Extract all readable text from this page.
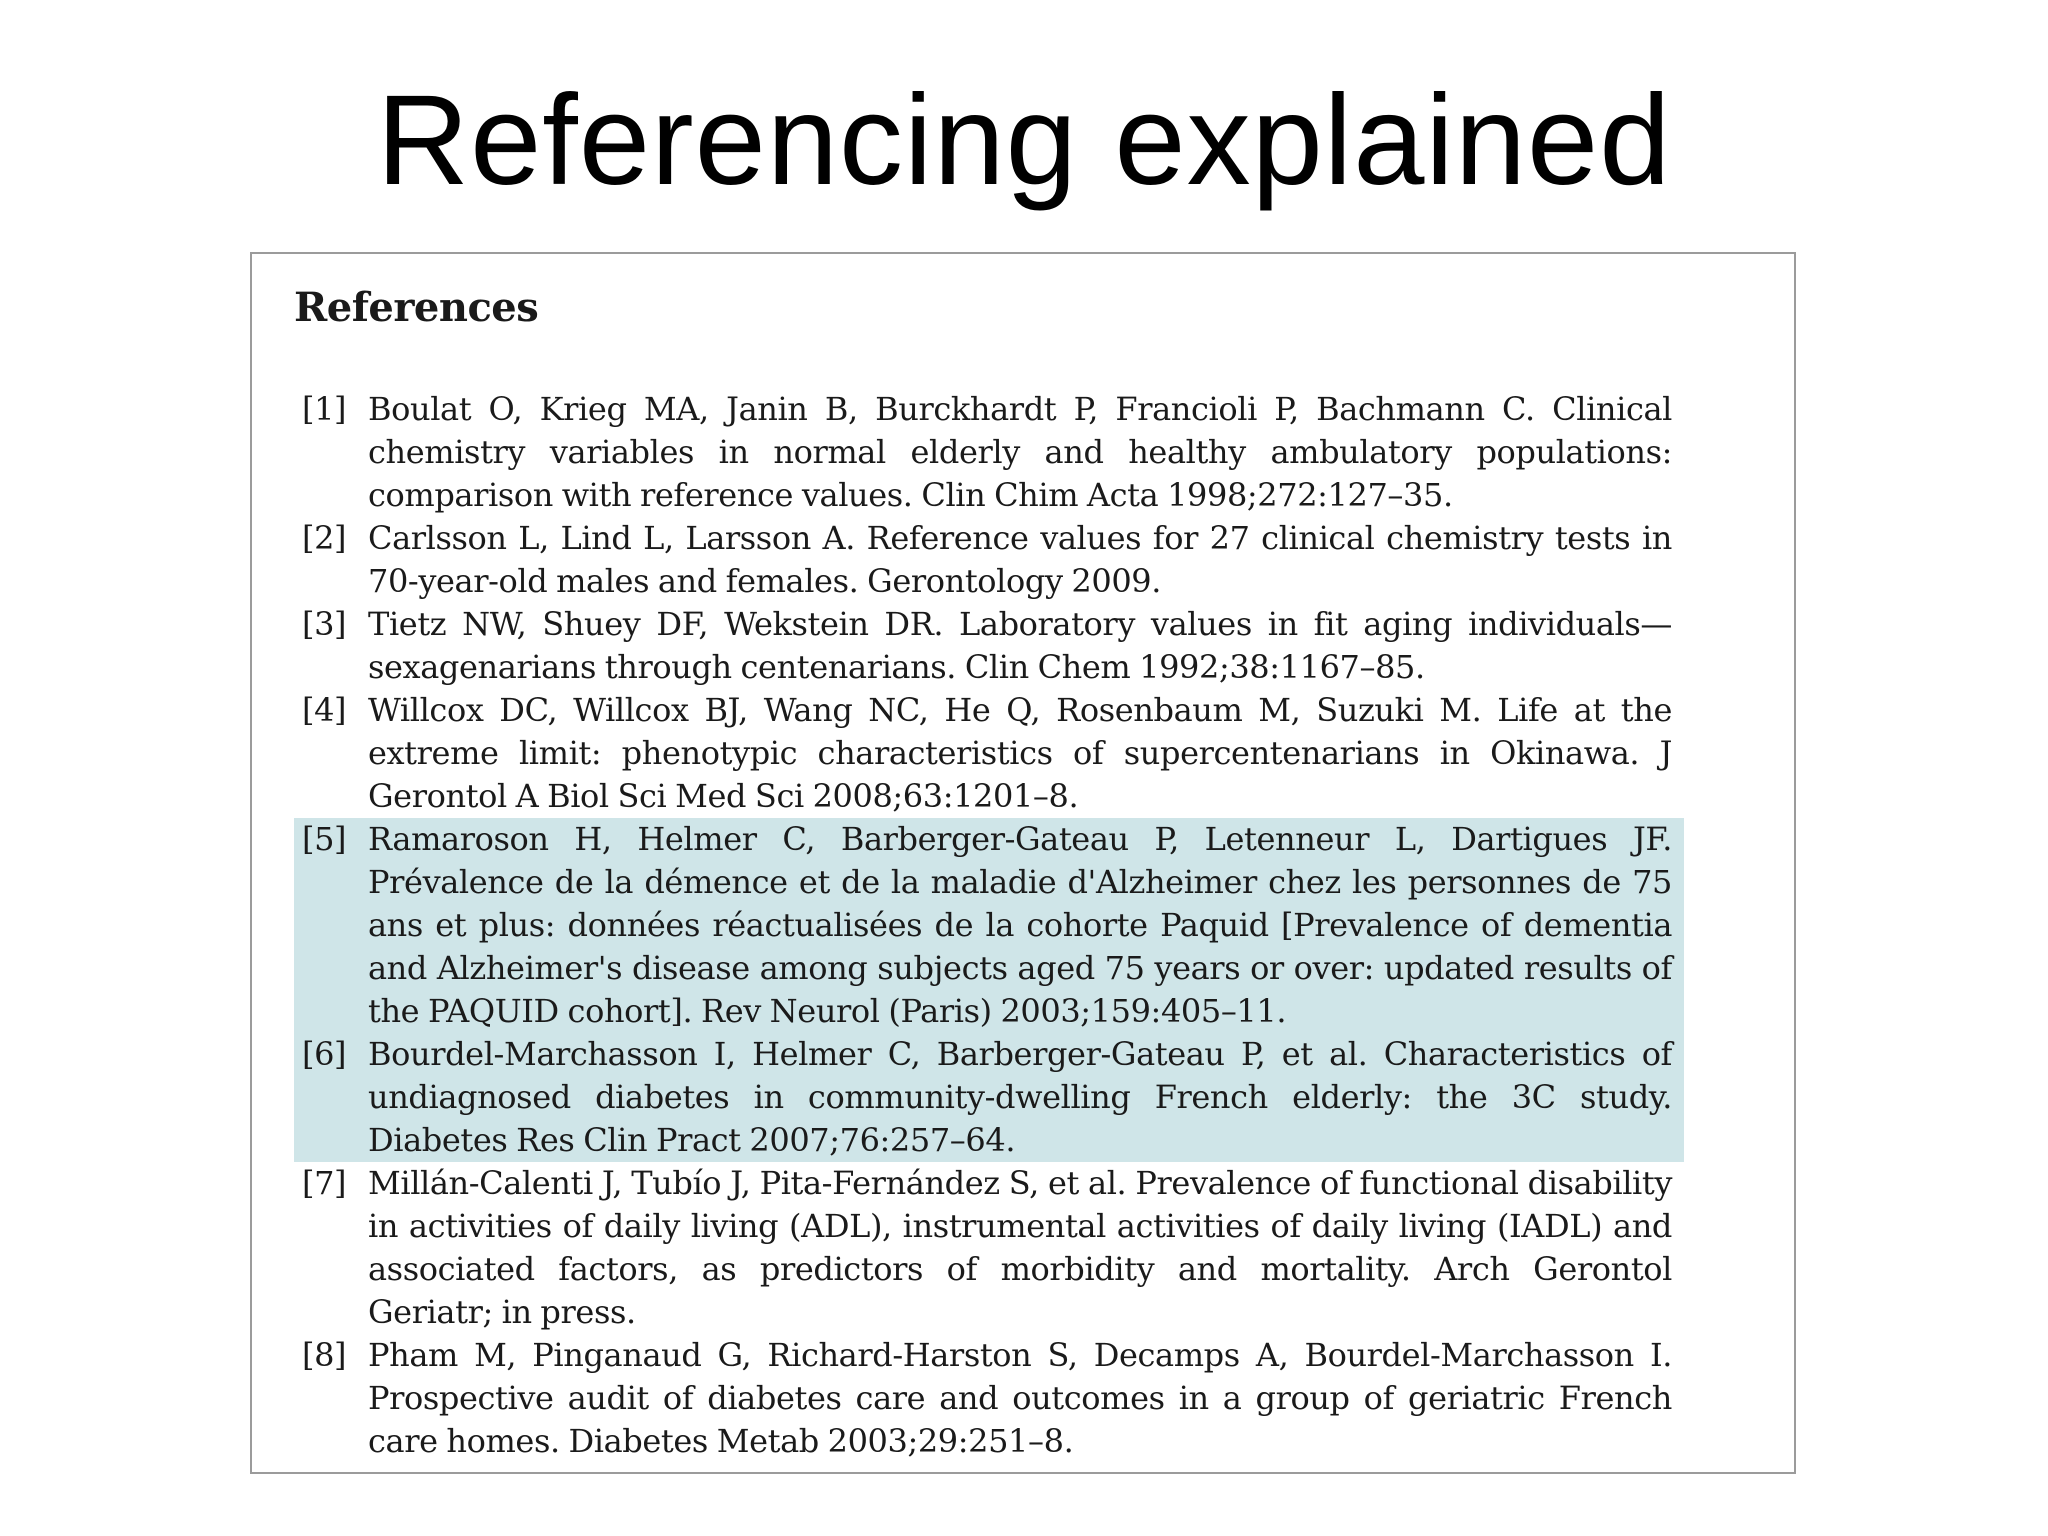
Referencing explained
References
[1] Boulat O, Krieg MA, Janin B, Burckhardt P, Francioli P, Bachmann C. Clinical chemistry variables in normal elderly and healthy ambulatory populations: comparison with reference values. Clin Chim Acta 1998;272:127–35.
[2] Carlsson L, Lind L, Larsson A. Reference values for 27 clinical chemistry tests in 70-year-old males and females. Gerontology 2009.
[3] Tietz NW, Shuey DF, Wekstein DR. Laboratory values in fit aging individuals—sexagenarians through centenarians. Clin Chem 1992;38:1167–85.
[4] Willcox DC, Willcox BJ, Wang NC, He Q, Rosenbaum M, Suzuki M. Life at the extreme limit: phenotypic characteristics of supercentenarians in Okinawa. J Gerontol A Biol Sci Med Sci 2008;63:1201–8.
[5] Ramaroson H, Helmer C, Barberger-Gateau P, Letenneur L, Dartigues JF. Prévalence de la démence et de la maladie d'Alzheimer chez les personnes de 75 ans et plus: données réactualisées de la cohorte Paquid [Prevalence of dementia and Alzheimer's disease among subjects aged 75 years or over: updated results of the PAQUID cohort]. Rev Neurol (Paris) 2003;159:405–11.
[6] Bourdel-Marchasson I, Helmer C, Barberger-Gateau P, et al. Characteristics of undiagnosed diabetes in community-dwelling French elderly: the 3C study. Diabetes Res Clin Pract 2007;76:257–64.
[7] Millán-Calenti J, Tubío J, Pita-Fernández S, et al. Prevalence of functional disability in activities of daily living (ADL), instrumental activities of daily living (IADL) and associated factors, as predictors of morbidity and mortality. Arch Gerontol Geriatr; in press.
[8] Pham M, Pinganaud G, Richard-Harston S, Decamps A, Bourdel-Marchasson I. Prospective audit of diabetes care and outcomes in a group of geriatric French care homes. Diabetes Metab 2003;29:251–8.
